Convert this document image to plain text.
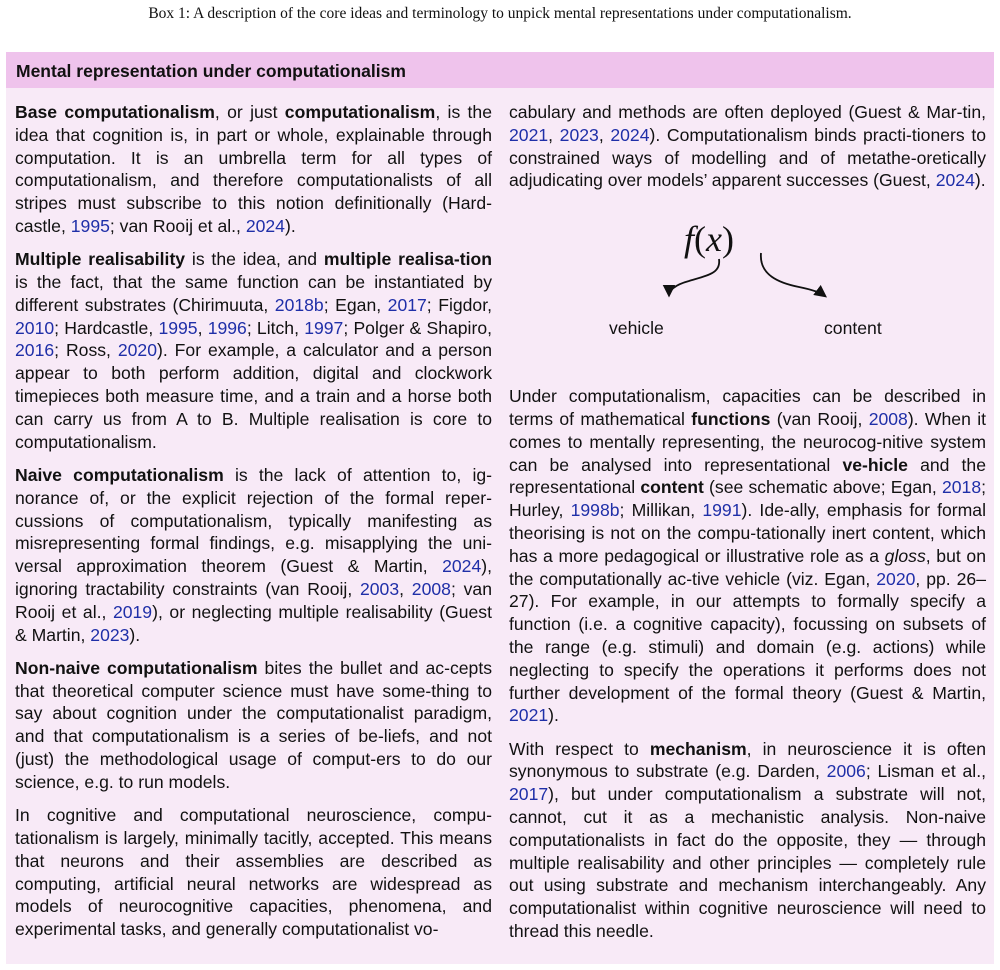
Box 1: A description of the core ideas and terminology to unpick mental representations under computationalism.
Mental representation under computationalism

Base computationalism, or just computationalism, is the idea that cognition is, in part or whole, explainable through computation. It is an umbrella term for all types of computationalism, and therefore computationalists of all stripes must subscribe to this notion definitionally (Hard-castle, 1995; van Rooij et al., 2024).

Multiple realisability is the idea, and multiple realisa-tion is the fact, that the same function can be instantiated by different substrates (Chirimuuta, 2018b; Egan, 2017; Figdor, 2010; Hardcastle, 1995, 1996; Litch, 1997; Polger & Shapiro, 2016; Ross, 2020). For example, a calculator and a person appear to both perform addition, digital and clockwork timepieces both measure time, and a train and a horse both can carry us from A to B. Multiple realisation is core to computationalism.

Naive computationalism is the lack of attention to, ig-norance of, or the explicit rejection of the formal reper-cussions of computationalism, typically manifesting as misrepresenting formal findings, e.g. misapplying the uni-versal approximation theorem (Guest & Martin, 2024), ignoring tractability constraints (van Rooij, 2003, 2008; van Rooij et al., 2019), or neglecting multiple realisability (Guest & Martin, 2023).

Non-naive computationalism bites the bullet and ac-cepts that theoretical computer science must have some-thing to say about cognition under the computationalist paradigm, and that computationalism is a series of be-liefs, and not (just) the methodological usage of comput-ers to do our science, e.g. to run models.

In cognitive and computational neuroscience, compu-tationalism is largely, minimally tacitly, accepted. This means that neurons and their assemblies are described as computing, artificial neural networks are widespread as models of neurocognitive capacities, phenomena, and experimental tasks, and generally computationalist vo-

cabulary and methods are often deployed (Guest & Mar-tin, 2021, 2023, 2024). Computationalism binds practi-tioners to constrained ways of modelling and of metathe-oretically adjudicating over models’ apparent successes (Guest, 2024).

f(x)
vehicle	content

Under computationalism, capacities can be described in terms of mathematical functions (van Rooij, 2008). When it comes to mentally representing, the neurocog-nitive system can be analysed into representational ve-hicle and the representational content (see schematic above; Egan, 2018; Hurley, 1998b; Millikan, 1991). Ide-ally, emphasis for formal theorising is not on the compu-tationally inert content, which has a more pedagogical or illustrative role as a gloss, but on the computationally ac-tive vehicle (viz. Egan, 2020, pp. 26–27). For example, in our attempts to formally specify a function (i.e. a cognitive capacity), focussing on subsets of the range (e.g. stimuli) and domain (e.g. actions) while neglecting to specify the operations it performs does not further development of the formal theory (Guest & Martin, 2021).

With respect to mechanism, in neuroscience it is often synonymous to substrate (e.g. Darden, 2006; Lisman et al., 2017), but under computationalism a substrate will not, cannot, cut it as a mechanistic analysis. Non-naive computationalists in fact do the opposite, they — through multiple realisability and other principles — completely rule out using substrate and mechanism interchangeably. Any computationalist within cognitive neuroscience will need to thread this needle.
